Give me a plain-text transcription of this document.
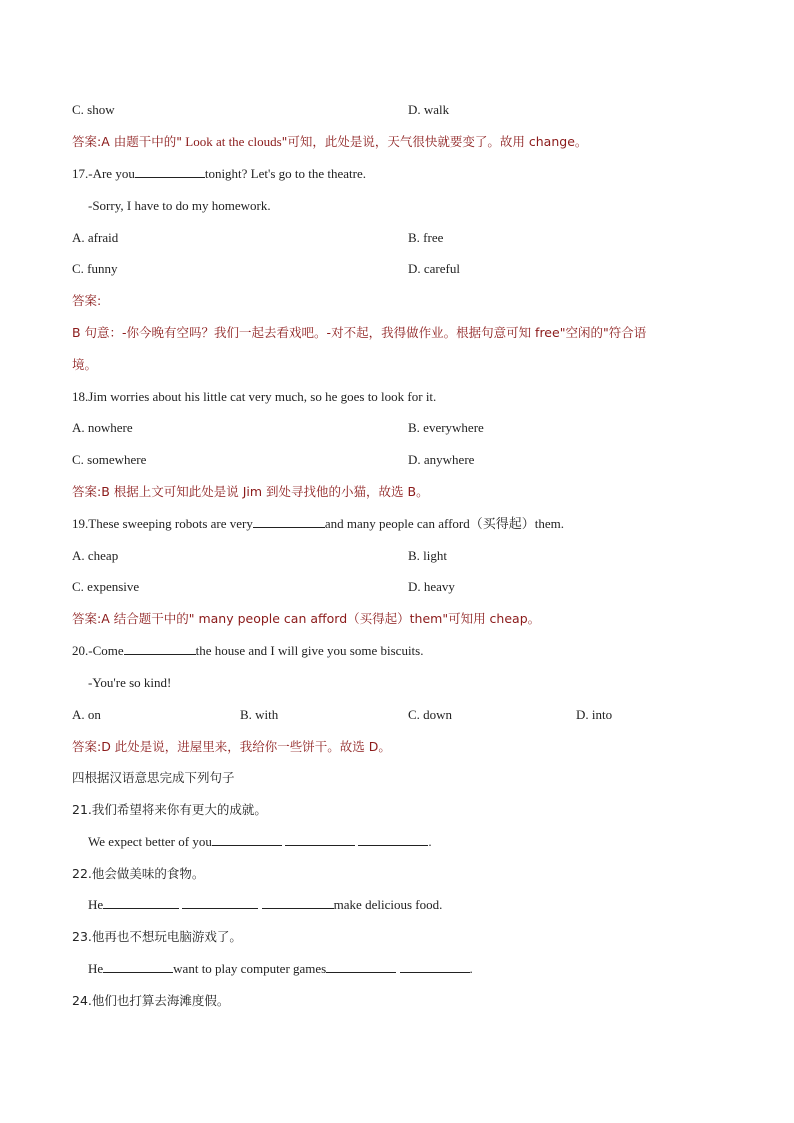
C. show	D. walk
答案:A 由题干中的" Look at the clouds"可知，此处是说，天气很快就要变了。故用 change。
17.-Are you	tonight? Let's go to the theatre.
-Sorry, I have to do my homework.
A. afraid	B. free
C. funny	D. careful
答案:
B 句意：-你今晚有空吗？我们一起去看戏吧。-对不起，我得做作业。根据句意可知 free"空闲的"符合语
境。
18.Jim worries about his little cat very much, so he goes to look for it.
A. nowhere	B. everywhere
C. somewhere	D. anywhere
答案:B 根据上文可知此处是说 Jim 到处寻找他的小猫，故选 B。
19.These sweeping robots are very	and many people can afford（买得起）them.
A. cheap	B. light
C. expensive	D. heavy
答案:A 结合题干中的" many people can afford（买得起）them"可知用 cheap。
20.-Come	the house and I will give you some biscuits.
-You're so kind!
A. on	B. with	C. down	D. into
答案:D 此处是说，进屋里来，我给你一些饼干。故选 D。
四根据汉语意思完成下列句子
21.我们希望将来你有更大的成就。
We expect better of you	.
22.他会做美味的食物。
He	make delicious food.
23.他再也不想玩电脑游戏了。
He	want to play computer games	.
24.他们也打算去海滩度假。
